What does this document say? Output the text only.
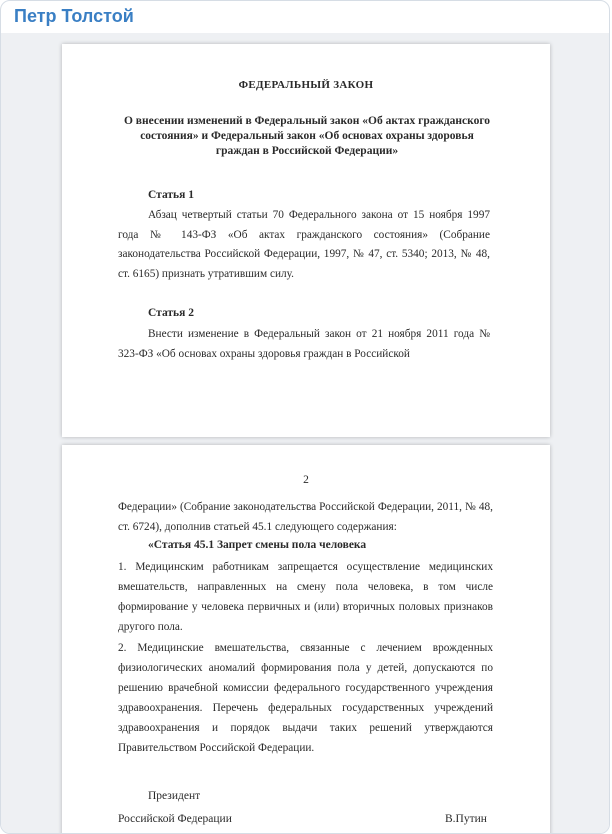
Петр Толстой
ФЕДЕРАЛЬНЫЙ ЗАКОН
О внесении изменений в Федеральный закон «Об актах гражданского состояния» и Федеральный закон «Об основах охраны здоровья граждан в Российской Федерации»
Статья 1
Абзац четвертый статьи 70 Федерального закона от 15 ноября 1997 года № 143-ФЗ «Об актах гражданского состояния» (Собрание законодательства Российской Федерации, 1997, № 47, ст. 5340; 2013, № 48, ст. 6165) признать утратившим силу.
Статья 2
Внести изменение в Федеральный закон от 21 ноября 2011 года № 323-ФЗ «Об основах охраны здоровья граждан в Российской
2
Федерации» (Собрание законодательства Российской Федерации, 2011, № 48, ст. 6724), дополнив статьей 45.1 следующего содержания:
«Статья 45.1 Запрет смены пола человека
1. Медицинским работникам запрещается осуществление медицинских вмешательств, направленных на смену пола человека, в том числе формирование у человека первичных и (или) вторичных половых признаков другого пола.
2. Медицинские вмешательства, связанные с лечением врожденных физиологических аномалий формирования пола у детей, допускаются по решению врачебной комиссии федерального государственного учреждения здравоохранения. Перечень федеральных государственных учреждений здравоохранения и порядок выдачи таких решений утверждаются Правительством Российской Федерации.
Президент
Российской Федерации	В.Путин
